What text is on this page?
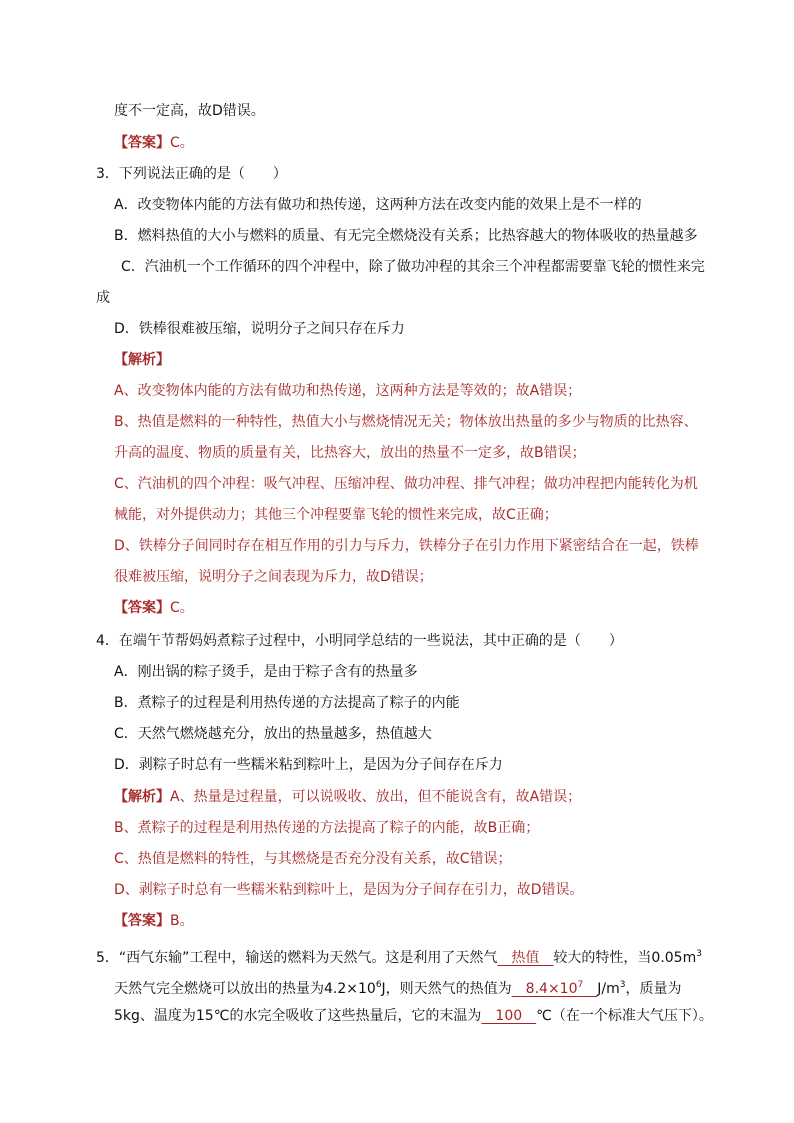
度不一定高，故D错误。
【答案】C。
3．下列说法正确的是（　　）
A．改变物体内能的方法有做功和热传递，这两种方法在改变内能的效果上是不一样的
B．燃料热值的大小与燃料的质量、有无完全燃烧没有关系；比热容越大的物体吸收的热量越多
C．汽油机一个工作循环的四个冲程中，除了做功冲程的其余三个冲程都需要靠飞轮的惯性来完
成
D．铁棒很难被压缩，说明分子之间只存在斥力
【解析】
A、改变物体内能的方法有做功和热传递，这两种方法是等效的；故A错误；
B、热值是燃料的一种特性，热值大小与燃烧情况无关；物体放出热量的多少与物质的比热容、
升高的温度、物质的质量有关，比热容大，放出的热量不一定多，故B错误；
C、汽油机的四个冲程：吸气冲程、压缩冲程、做功冲程、排气冲程；做功冲程把内能转化为机
械能，对外提供动力；其他三个冲程要靠飞轮的惯性来完成，故C正确；
D、铁棒分子间同时存在相互作用的引力与斥力，铁棒分子在引力作用下紧密结合在一起，铁棒
很难被压缩，说明分子之间表现为斥力，故D错误；
【答案】C。
4．在端午节帮妈妈煮粽子过程中，小明同学总结的一些说法，其中正确的是（　　）
A．刚出锅的粽子烫手，是由于粽子含有的热量多
B．煮粽子的过程是利用热传递的方法提高了粽子的内能
C．天然气燃烧越充分，放出的热量越多，热值越大
D．剥粽子时总有一些糯米粘到粽叶上，是因为分子间存在斥力
【解析】A、热量是过程量，可以说吸收、放出，但不能说含有，故A错误；
B、煮粽子的过程是利用热传递的方法提高了粽子的内能，故B正确；
C、热值是燃料的特性，与其燃烧是否充分没有关系，故C错误；
D、剥粽子时总有一些糯米粘到粽叶上，是因为分子间存在引力，故D错误。
【答案】B。
5．“西气东输”工程中，输送的燃料为天然气。这是利用了天然气　热值　较大的特性，当$0.05m^3$
天然气完全燃烧可以放出的热量为$4.2\times 10^6J$，则天然气的热值为　$8.4\times 10^7$　 $J/m^3$，质量为
5kg、温度为15℃的水完全吸收了这些热量后，它的末温为　100　℃（在一个标准大气压下）。
